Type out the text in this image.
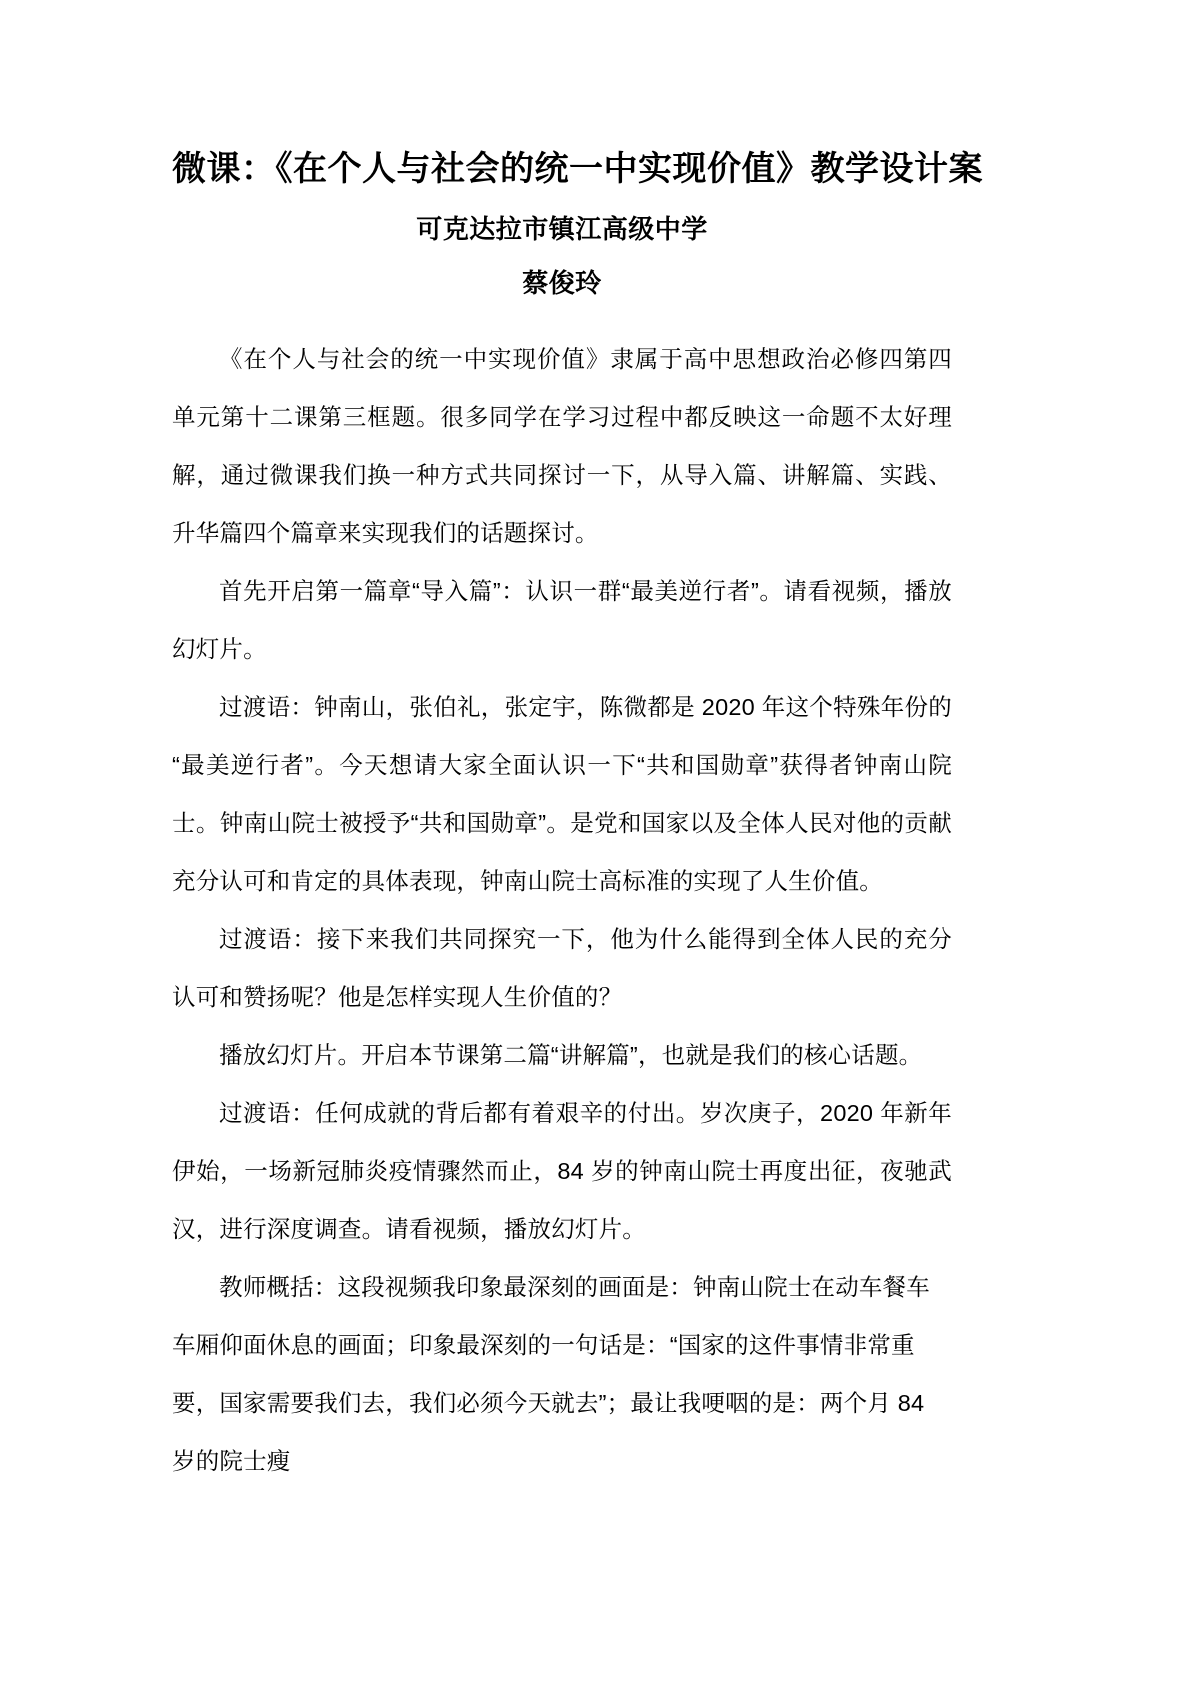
微课：《在个人与社会的统一中实现价值》教学设计案
可克达拉市镇江高级中学
蔡俊玲

《在个人与社会的统一中实现价值》隶属于高中思想政治必修四第四单元第十二课第三框题。很多同学在学习过程中都反映这一命题不太好理解，通过微课我们换一种方式共同探讨一下，从导入篇、讲解篇、实践、升华篇四个篇章来实现我们的话题探讨。

首先开启第一篇章“导入篇”：认识一群“最美逆行者”。请看视频，播放幻灯片。

过渡语：钟南山，张伯礼，张定宇，陈微都是 2020 年这个特殊年份的“最美逆行者”。今天想请大家全面认识一下“共和国勋章”获得者钟南山院士。钟南山院士被授予“共和国勋章”。是党和国家以及全体人民对他的贡献充分认可和肯定的具体表现，钟南山院士高标准的实现了人生价值。

过渡语：接下来我们共同探究一下，他为什么能得到全体人民的充分认可和赞扬呢？他是怎样实现人生价值的？

播放幻灯片。开启本节课第二篇“讲解篇”，也就是我们的核心话题。

过渡语：任何成就的背后都有着艰辛的付出。岁次庚子，2020 年新年伊始，一场新冠肺炎疫情骤然而止，84 岁的钟南山院士再度出征，夜驰武汉，进行深度调查。请看视频，播放幻灯片。

教师概括：这段视频我印象最深刻的画面是：钟南山院士在动车餐车车厢仰面休息的画面；印象最深刻的一句话是：“国家的这件事情非常重要，国家需要我们去，我们必须今天就去”；最让我哽咽的是：两个月 84 岁的院士瘦
